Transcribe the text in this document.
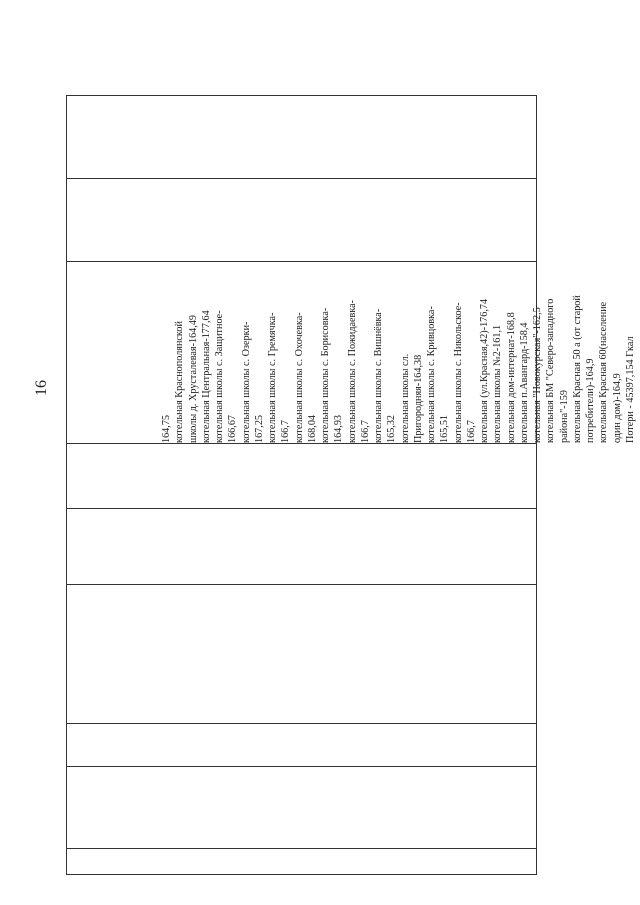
16
164,75 котельная Краснополянской школы д. Хрусталевая-164,49 котельная Центральная-177,64 котельная школы с. Защитное- 166,67 котельная школы с. Озерки- 167,25 котельная школы с. Гремячка- 166,7 котельная школы с. Охочевка- 168,04 котельная школы с. Борисовка- 164,93 котельная школы с. Пожидаевка- 166,7 котельная школы с. Вишнёвка- 165,32 котельная школы сл. Пригородняя-164,38 котельная школы с. Кривцовка- 165,51 котельная школы с. Никольское- 166,7 котельная (ул.Красная,42)-176,74 котельная школы №2-161,1 котельная дом-интернат-168,8 котельная п.Авангард-158,4 котельная "Новокурская"-162,5 котельная БМ "Северо-западного района"-159 котельная Красная 50 а (от старой потребители)-164,9 котельная Красная 60(население один дом)-164,9 Потери - 45397,154 Гкал
